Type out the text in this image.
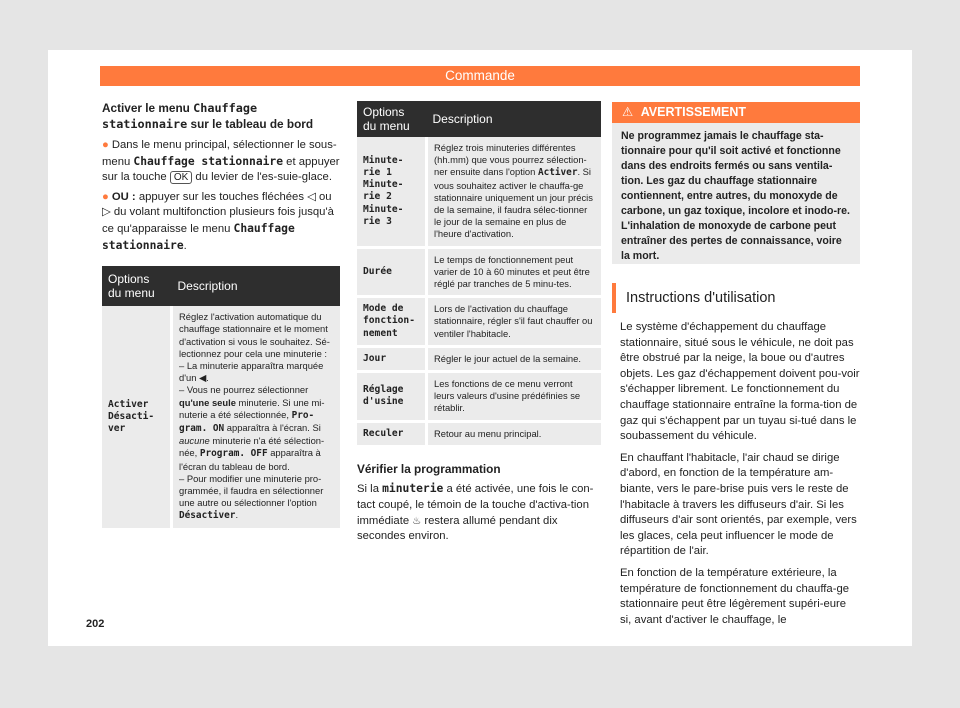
Commande

Activer le menu Chauffage stationnaire sur le tableau de bord

● Dans le menu principal, sélectionner le sous-menu Chauffage stationnaire et appuyer sur la touche OK du levier de l'es-suie-glace.

● OU : appuyer sur les touches fléchées ◁ ou ▷ du volant multifonction plusieurs fois jusqu'à ce qu'apparaisse le menu Chauffage stationnaire.

Options du menu	Description
Activer Désacti-ver	Réglez l'activation automatique du chauffage stationnaire et le moment d'activation si vous le souhaitez. Sé-lectionnez pour cela une minuterie :
– La minuterie apparaîtra marquée d'un ◀.
– Vous ne pourrez sélectionner qu'une seule minuterie. Si une mi-nuterie a été sélectionnée, Pro-gram. ON apparaîtra à l'écran. Si aucune minuterie n'a été sélection-née, Program. OFF apparaîtra à l'écran du tableau de bord.
– Pour modifier une minuterie pro-grammée, il faudra en sélectionner une autre ou sélectionner l'option Désactiver.
Options du menu	Description
Minute-rie 1 Minute-rie 2 Minute-rie 3	Réglez trois minuteries différentes (hh.mm) que vous pourrez sélection-ner ensuite dans l'option Activer. Si vous souhaitez activer le chauffa-ge stationnaire uniquement un jour précis de la semaine, il faudra sélec-tionner le jour de la semaine en plus de l'heure d'activation.
Durée	Le temps de fonctionnement peut varier de 10 à 60 minutes et peut être réglé par tranches de 5 minu-tes.
Mode de fonction-nement	Lors de l'activation du chauffage stationnaire, régler s'il faut chauffer ou ventiler l'habitacle.
Jour	Régler le jour actuel de la semaine.
Réglage d'usine	Les fonctions de ce menu verront leurs valeurs d'usine prédéfinies se rétablir.
Reculer	Retour au menu principal.

Vérifier la programmation

Si la minuterie a été activée, une fois le con-tact coupé, le témoin de la touche d'activa-tion immédiate ♨ restera allumé pendant dix secondes environ.

⚠ AVERTISSEMENT
Ne programmez jamais le chauffage sta-tionnaire pour qu'il soit activé et fonctionne dans des endroits fermés ou sans ventila-tion. Les gaz du chauffage stationnaire contiennent, entre autres, du monoxyde de carbone, un gaz toxique, incolore et inodo-re. L'inhalation de monoxyde de carbone peut entraîner des pertes de connaissance, voire la mort.
Instructions d'utilisation

Le système d'échappement du chauffage stationnaire, situé sous le véhicule, ne doit pas être obstrué par la neige, la boue ou d'autres objets. Les gaz d'échappement doivent pou-voir s'échapper librement. Le fonctionnement du chauffage stationnaire entraîne la forma-tion de gaz qui s'échappent par un tuyau si-tué dans le soubassement du véhicule.

En chauffant l'habitacle, l'air chaud se dirige d'abord, en fonction de la température am-biante, vers le pare-brise puis vers le reste de l'habitacle à travers les diffuseurs d'air. Si les diffuseurs d'air sont orientés, par exemple, vers les glaces, cela peut influencer le mode de répartition de l'air.

En fonction de la température extérieure, la température de fonctionnement du chauffa-ge stationnaire peut être légèrement supéri-eure si, avant d'activer le chauffage, le

202
